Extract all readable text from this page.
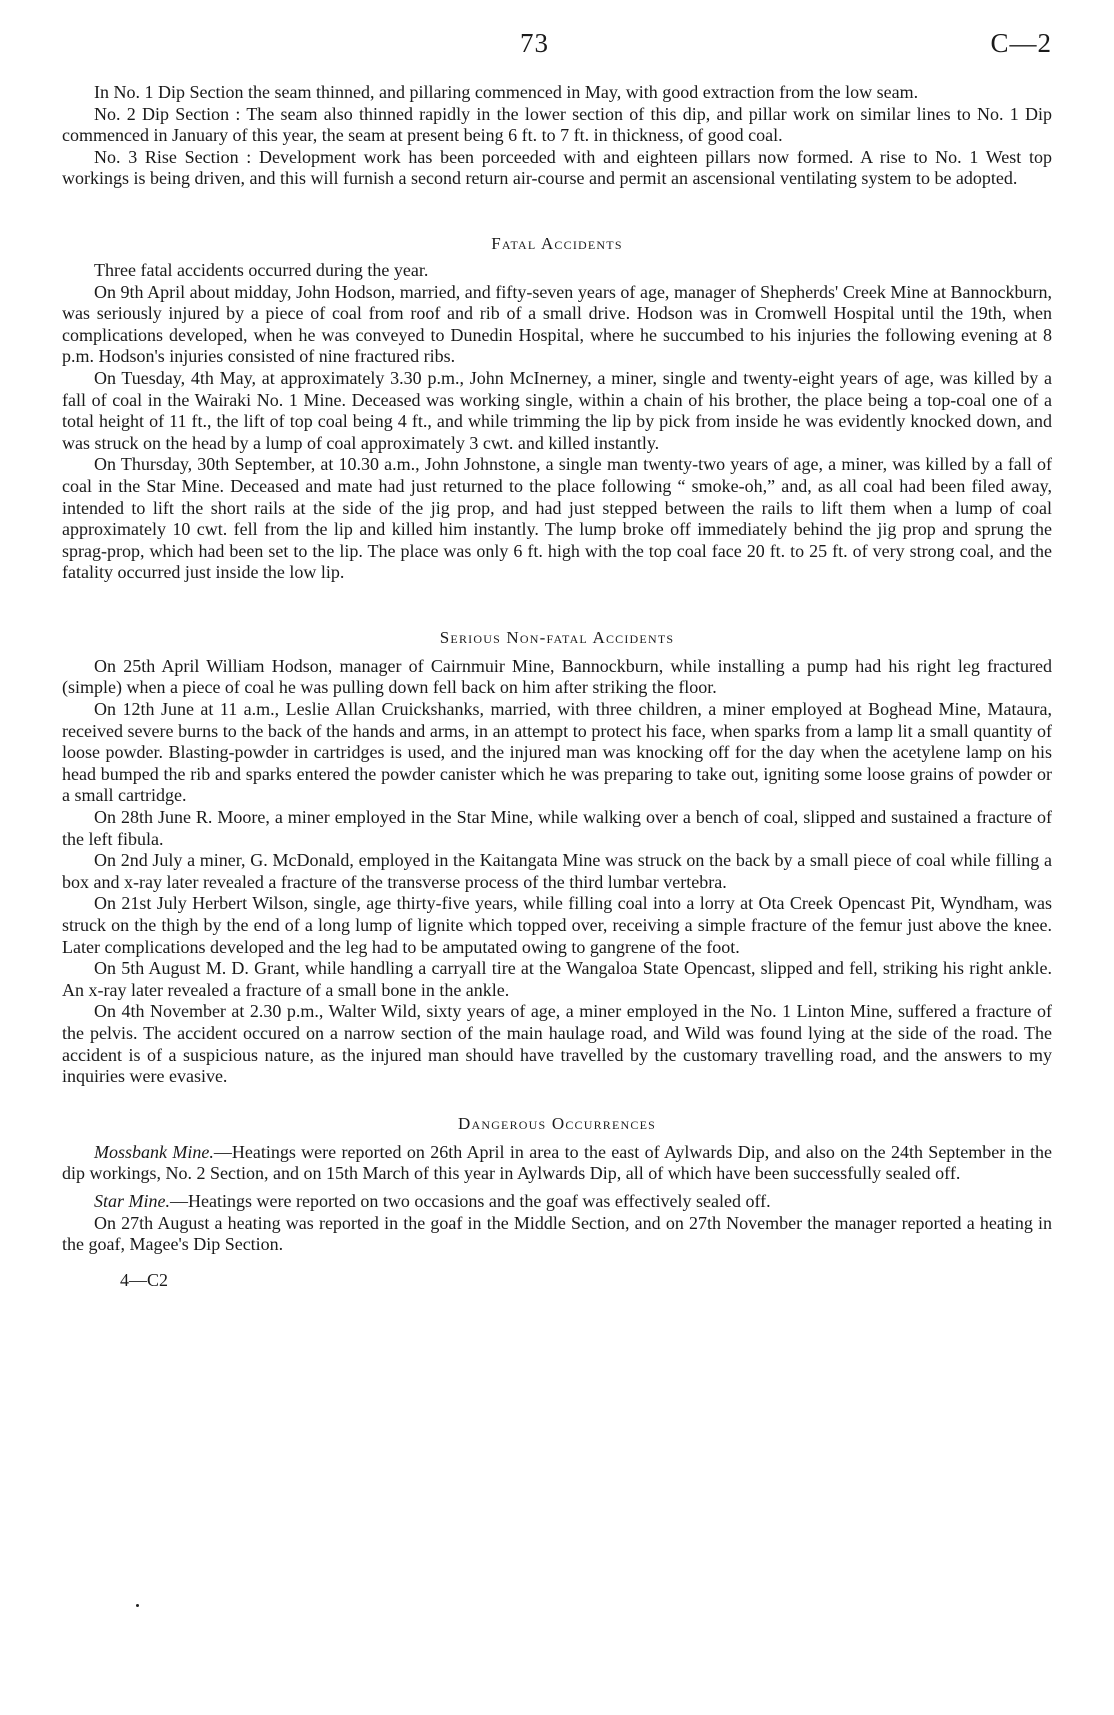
73	C—2

In No. 1 Dip Section the seam thinned, and pillaring commenced in May, with good extraction from the low seam.

No. 2 Dip Section : The seam also thinned rapidly in the lower section of this dip, and pillar work on similar lines to No. 1 Dip commenced in January of this year, the seam at present being 6 ft. to 7 ft. in thickness, of good coal.

No. 3 Rise Section : Development work has been porceeded with and eighteen pillars now formed. A rise to No. 1 West top workings is being driven, and this will furnish a second return air-course and permit an ascensional ventilating system to be adopted.

Fatal Accidents

Three fatal accidents occurred during the year.

On 9th April about midday, John Hodson, married, and fifty-seven years of age, manager of Shepherds' Creek Mine at Bannockburn, was seriously injured by a piece of coal from roof and rib of a small drive. Hodson was in Cromwell Hospital until the 19th, when complications developed, when he was conveyed to Dunedin Hospital, where he succumbed to his injuries the following evening at 8 p.m. Hodson's injuries consisted of nine fractured ribs.

On Tuesday, 4th May, at approximately 3.30 p.m., John McInerney, a miner, single and twenty-eight years of age, was killed by a fall of coal in the Wairaki No. 1 Mine. Deceased was working single, within a chain of his brother, the place being a top-coal one of a total height of 11 ft., the lift of top coal being 4 ft., and while trimming the lip by pick from inside he was evidently knocked down, and was struck on the head by a lump of coal approximately 3 cwt. and killed instantly.

On Thursday, 30th September, at 10.30 a.m., John Johnstone, a single man twenty-two years of age, a miner, was killed by a fall of coal in the Star Mine. Deceased and mate had just returned to the place following “ smoke-oh,” and, as all coal had been filed away, intended to lift the short rails at the side of the jig prop, and had just stepped between the rails to lift them when a lump of coal approximately 10 cwt. fell from the lip and killed him instantly. The lump broke off immediately behind the jig prop and sprung the sprag-prop, which had been set to the lip. The place was only 6 ft. high with the top coal face 20 ft. to 25 ft. of very strong coal, and the fatality occurred just inside the low lip.

Serious Non-fatal Accidents

On 25th April William Hodson, manager of Cairnmuir Mine, Bannockburn, while installing a pump had his right leg fractured (simple) when a piece of coal he was pulling down fell back on him after striking the floor.

On 12th June at 11 a.m., Leslie Allan Cruickshanks, married, with three children, a miner employed at Boghead Mine, Mataura, received severe burns to the back of the hands and arms, in an attempt to protect his face, when sparks from a lamp lit a small quantity of loose powder. Blasting-powder in cartridges is used, and the injured man was knocking off for the day when the acetylene lamp on his head bumped the rib and sparks entered the powder canister which he was preparing to take out, igniting some loose grains of powder or a small cartridge.

On 28th June R. Moore, a miner employed in the Star Mine, while walking over a bench of coal, slipped and sustained a fracture of the left fibula.

On 2nd July a miner, G. McDonald, employed in the Kaitangata Mine was struck on the back by a small piece of coal while filling a box and x-ray later revealed a fracture of the transverse process of the third lumbar vertebra.

On 21st July Herbert Wilson, single, age thirty-five years, while filling coal into a lorry at Ota Creek Opencast Pit, Wyndham, was struck on the thigh by the end of a long lump of lignite which topped over, receiving a simple fracture of the femur just above the knee. Later complications developed and the leg had to be amputated owing to gangrene of the foot.

On 5th August M. D. Grant, while handling a carryall tire at the Wangaloa State Opencast, slipped and fell, striking his right ankle. An x-ray later revealed a fracture of a small bone in the ankle.

On 4th November at 2.30 p.m., Walter Wild, sixty years of age, a miner employed in the No. 1 Linton Mine, suffered a fracture of the pelvis. The accident occured on a narrow section of the main haulage road, and Wild was found lying at the side of the road. The accident is of a suspicious nature, as the injured man should have travelled by the customary travelling road, and the answers to my inquiries were evasive.

Dangerous Occurrences

Mossbank Mine.—Heatings were reported on 26th April in area to the east of Aylwards Dip, and also on the 24th September in the dip workings, No. 2 Section, and on 15th March of this year in Aylwards Dip, all of which have been successfully sealed off.

Star Mine.—Heatings were reported on two occasions and the goaf was effectively sealed off.

On 27th August a heating was reported in the goaf in the Middle Section, and on 27th November the manager reported a heating in the goaf, Magee's Dip Section.

4—C2
